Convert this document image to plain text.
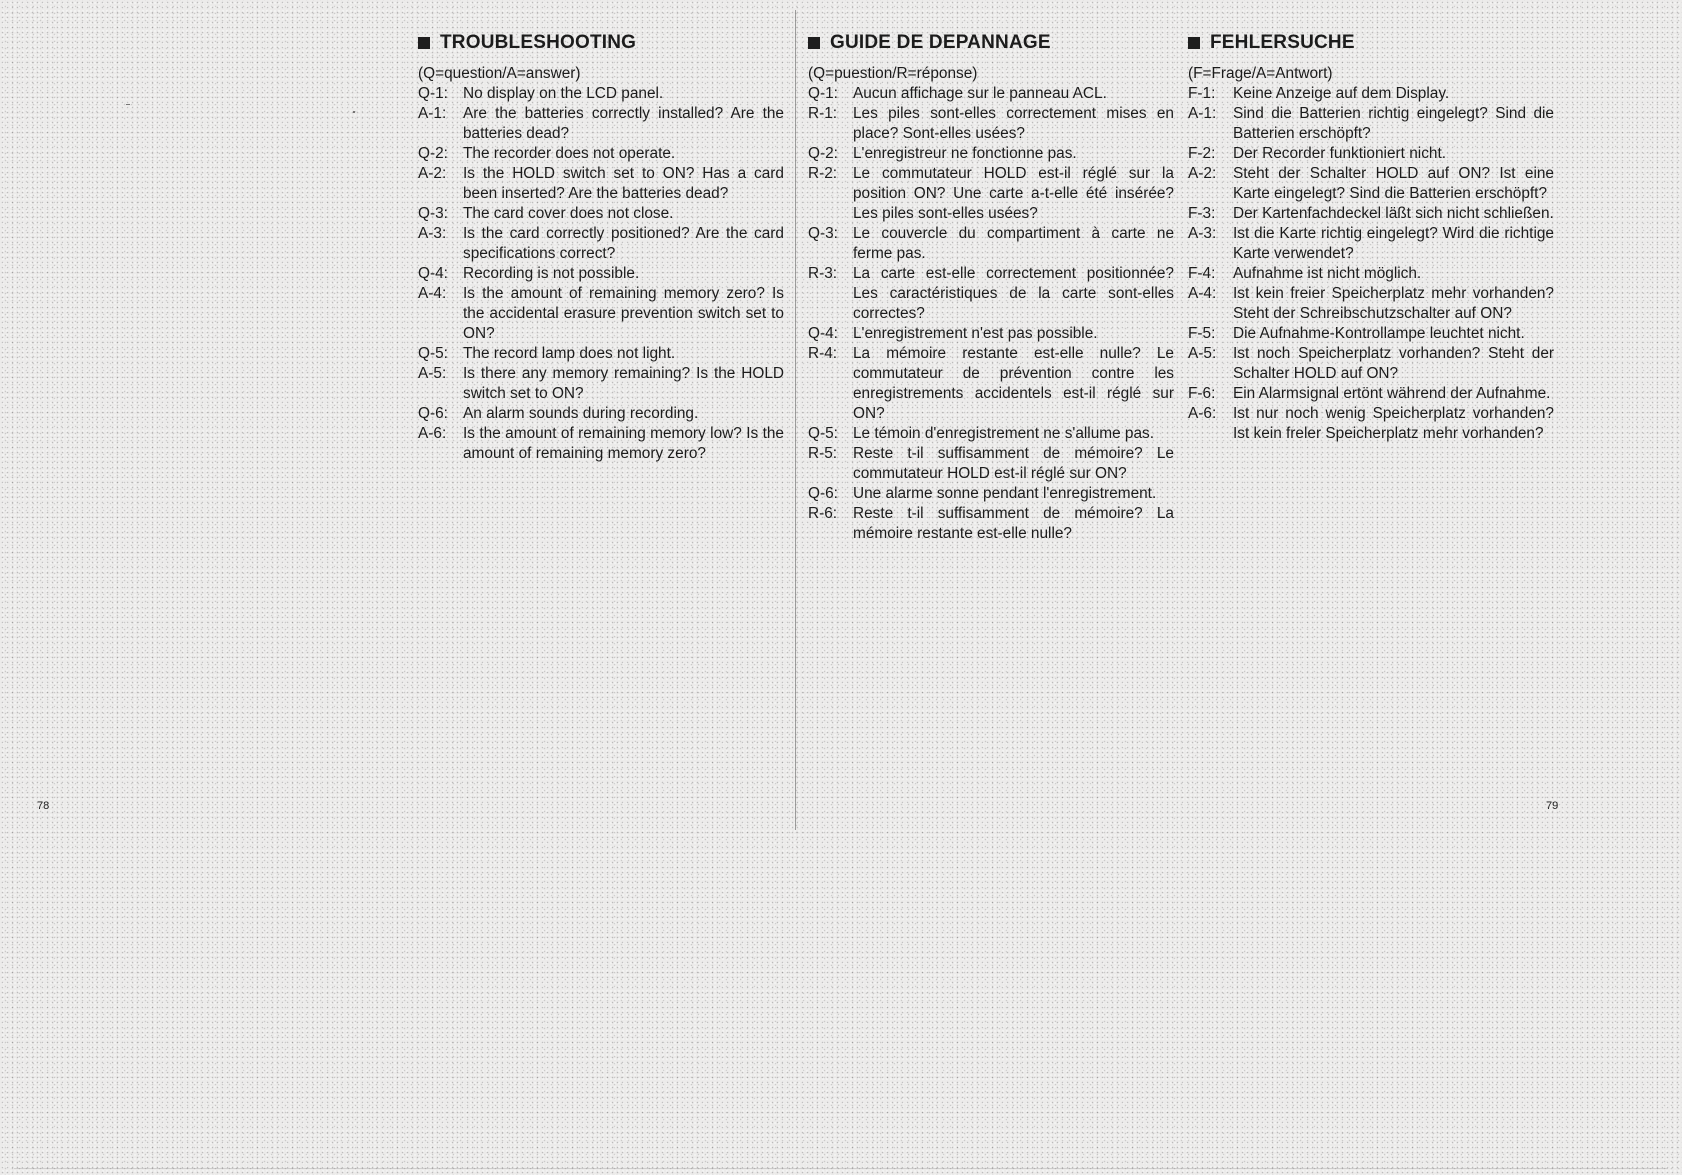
TROUBLESHOOTING
(Q=question/A=answer)
Q-1: No display on the LCD panel.
A-1:	Are the batteries correctly installed? Are the batteries dead?
Q-2: The recorder does not operate.
A-2:	Is the HOLD switch set to ON? Has a card been inserted? Are the batteries dead?
Q-3: The card cover does not close.
A-3:	Is the card correctly positioned? Are the card specifications correct?
Q-4: Recording is not possible.
A-4:	Is the amount of remaining memory zero? Is the accidental erasure prevention switch set to ON?
Q-5: The record lamp does not light.
A-5:	Is there any memory remaining? Is the HOLD switch set to ON?
Q-6: An alarm sounds during recording.
A-6:	Is the amount of remaining memory low? Is the amount of remaining memory zero?
GUIDE DE DEPANNAGE
(Q=puestion/R=réponse)
Q-1: Aucun affichage sur le panneau ACL.
R-1:	Les piles sont-elles correctement mises en place? Sont-elles usées?
Q-2: L'enregistreur ne fonctionne pas.
R-2:	Le commutateur HOLD est-il réglé sur la position ON? Une carte a-t-elle été insérée? Les piles sont-elles usées?
Q-3: Le couvercle du compartiment à carte ne ferme pas.
R-3:	La carte est-elle correctement positionnée? Les caractéristiques de la carte sont-elles correctes?
Q-4: L'enregistrement n'est pas possible.
R-4:	La mémoire restante est-elle nulle? Le commutateur de prévention contre les enregistrements accidentels est-il réglé sur ON?
Q-5: Le témoin d'enregistrement ne s'allume pas.
R-5:	Reste t-il suffisamment de mémoire? Le commutateur HOLD est-il réglé sur ON?
Q-6: Une alarme sonne pendant l'enregistrement.
R-6:	Reste t-il suffisamment de mémoire? La mémoire restante est-elle nulle?
FEHLERSUCHE
(F=Frage/A=Antwort)
F-1:	Keine Anzeige auf dem Display.
A-1:	Sind die Batterien richtig eingelegt? Sind die Batterien erschöpft?
F-2:	Der Recorder funktioniert nicht.
A-2:	Steht der Schalter HOLD auf ON? Ist eine Karte eingelegt? Sind die Batterien erschöpft?
F-3:	Der Kartenfachdeckel läßt sich nicht schließen.
A-3:	Ist die Karte richtig eingelegt? Wird die richtige Karte verwendet?
F-4:	Aufnahme ist nicht möglich.
A-4:	Ist kein freier Speicherplatz mehr vorhanden? Steht der Schreibschutzschalter auf ON?
F-5:	Die Aufnahme-Kontrollampe leuchtet nicht.
A-5:	Ist noch Speicherplatz vorhanden? Steht der Schalter HOLD auf ON?
F-6:	Ein Alarmsignal ertönt während der Aufnahme.
A-6:	Ist nur noch wenig Speicherplatz vorhanden? Ist kein freler Speicherplatz mehr vorhanden?
78	79
